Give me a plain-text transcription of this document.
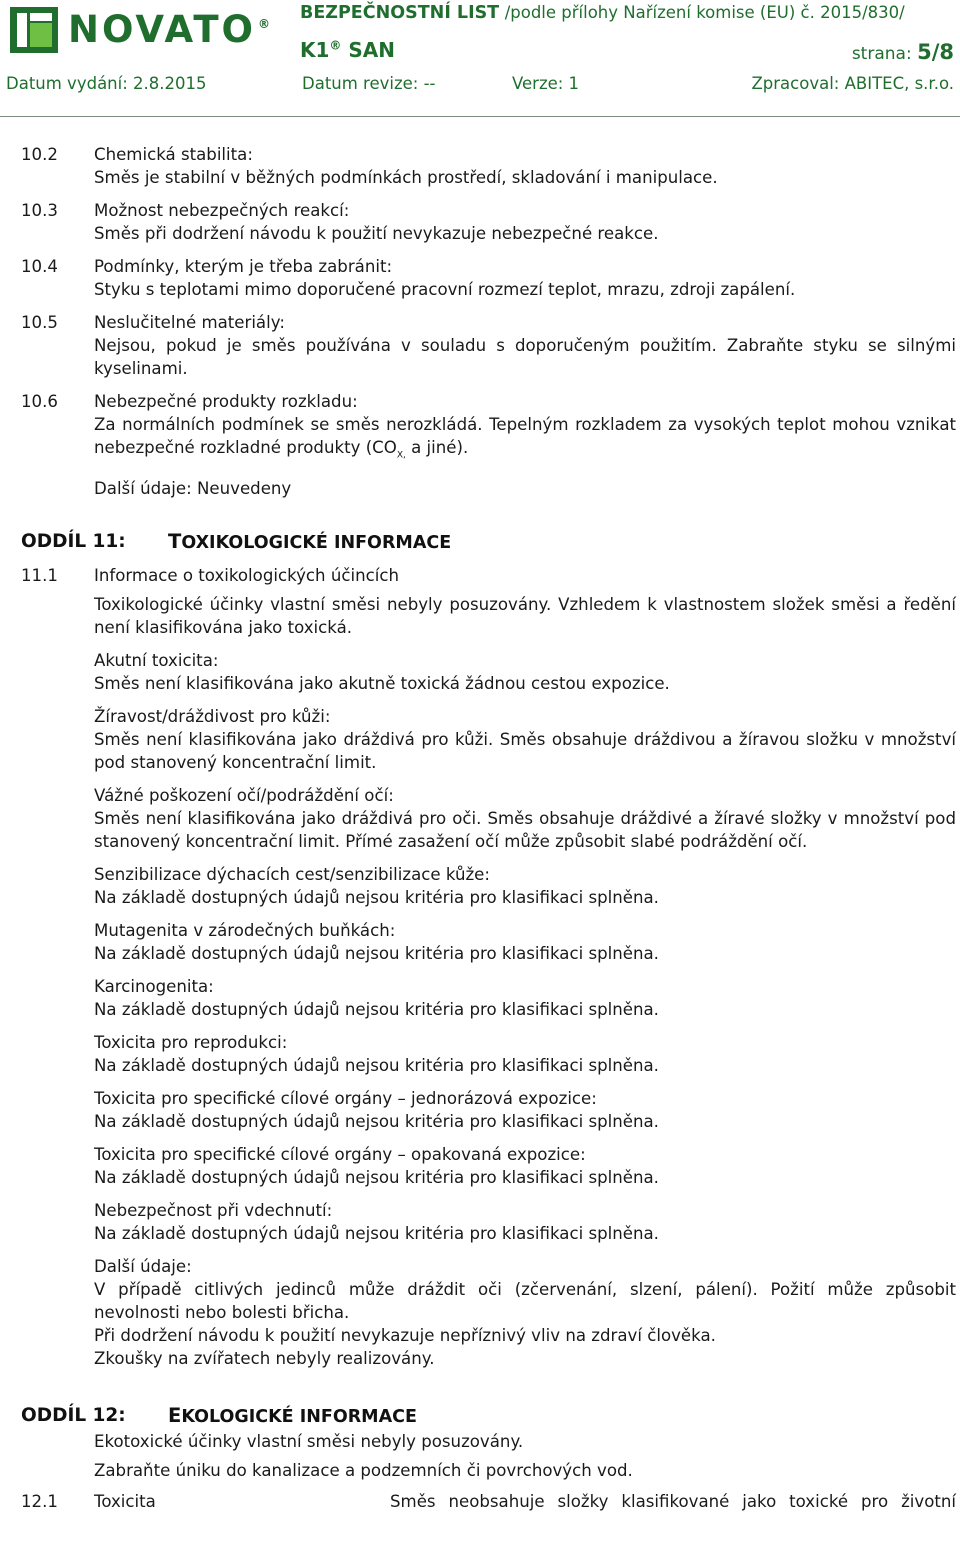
NOVATO ®
BEZPEČNOSTNÍ LIST /podle přílohy Nařízení komise (EU) č. 2015/830/
K1® SAN	strana: 5/8
Datum vydání: 2.8.2015	Datum revize: --	Verze: 1	Zpracoval: ABITEC, s.r.o.
10.2	Chemická stabilita:
Směs je stabilní v běžných podmínkách prostředí, skladování i manipulace.
10.3	Možnost nebezpečných reakcí:
Směs při dodržení návodu k použití nevykazuje nebezpečné reakce.
10.4	Podmínky, kterým je třeba zabránit:
Styku s teplotami mimo doporučené pracovní rozmezí teplot, mrazu, zdroji zapálení.
10.5	Neslučitelné materiály:
Nejsou, pokud je směs používána v souladu s doporučeným použitím. Zabraňte styku se silnými kyselinami.
10.6	Nebezpečné produkty rozkladu:
Za normálních podmínek se směs nerozkládá. Tepelným rozkladem za vysokých teplot mohou vznikat nebezpečné rozkladné produkty ($CO_{X,}$ a jiné).
Další údaje: Neuvedeny
ODDÍL 11: TOXIKOLOGICKÉ INFORMACE
11.1	Informace o toxikologických účincích
Toxikologické účinky vlastní směsi nebyly posuzovány. Vzhledem k vlastnostem složek směsi a ředění není klasifikována jako toxická.
Akutní toxicita:
Směs není klasifikována jako akutně toxická žádnou cestou expozice.
Žíravost/dráždivost pro kůži:
Směs není klasifikována jako dráždivá pro kůži. Směs obsahuje dráždivou a žíravou složku v množství pod stanovený koncentrační limit.
Vážné poškození očí/podráždění očí:
Směs není klasifikována jako dráždivá pro oči. Směs obsahuje dráždivé a žíravé složky v množství pod stanovený koncentrační limit. Přímé zasažení očí může způsobit slabé podráždění očí.
Senzibilizace dýchacích cest/senzibilizace kůže:
Na základě dostupných údajů nejsou kritéria pro klasifikaci splněna.
Mutagenita v zárodečných buňkách:
Na základě dostupných údajů nejsou kritéria pro klasifikaci splněna.
Karcinogenita:
Na základě dostupných údajů nejsou kritéria pro klasifikaci splněna.
Toxicita pro reprodukci:
Na základě dostupných údajů nejsou kritéria pro klasifikaci splněna.
Toxicita pro specifické cílové orgány – jednorázová expozice:
Na základě dostupných údajů nejsou kritéria pro klasifikaci splněna.
Toxicita pro specifické cílové orgány – opakovaná expozice:
Na základě dostupných údajů nejsou kritéria pro klasifikaci splněna.
Nebezpečnost při vdechnutí:
Na základě dostupných údajů nejsou kritéria pro klasifikaci splněna.
Další údaje:
V případě citlivých jedinců může dráždit oči (zčervenání, slzení, pálení). Požití může způsobit nevolnosti nebo bolesti břicha.
Při dodržení návodu k použití nevykazuje nepříznivý vliv na zdraví člověka.
Zkoušky na zvířatech nebyly realizovány.
ODDÍL 12: EKOLOGICKÉ INFORMACE
Ekotoxické účinky vlastní směsi nebyly posuzovány.
Zabraňte úniku do kanalizace a podzemních či povrchových vod.
12.1	Toxicita	Směs neobsahuje složky klasifikované jako toxické pro životní
